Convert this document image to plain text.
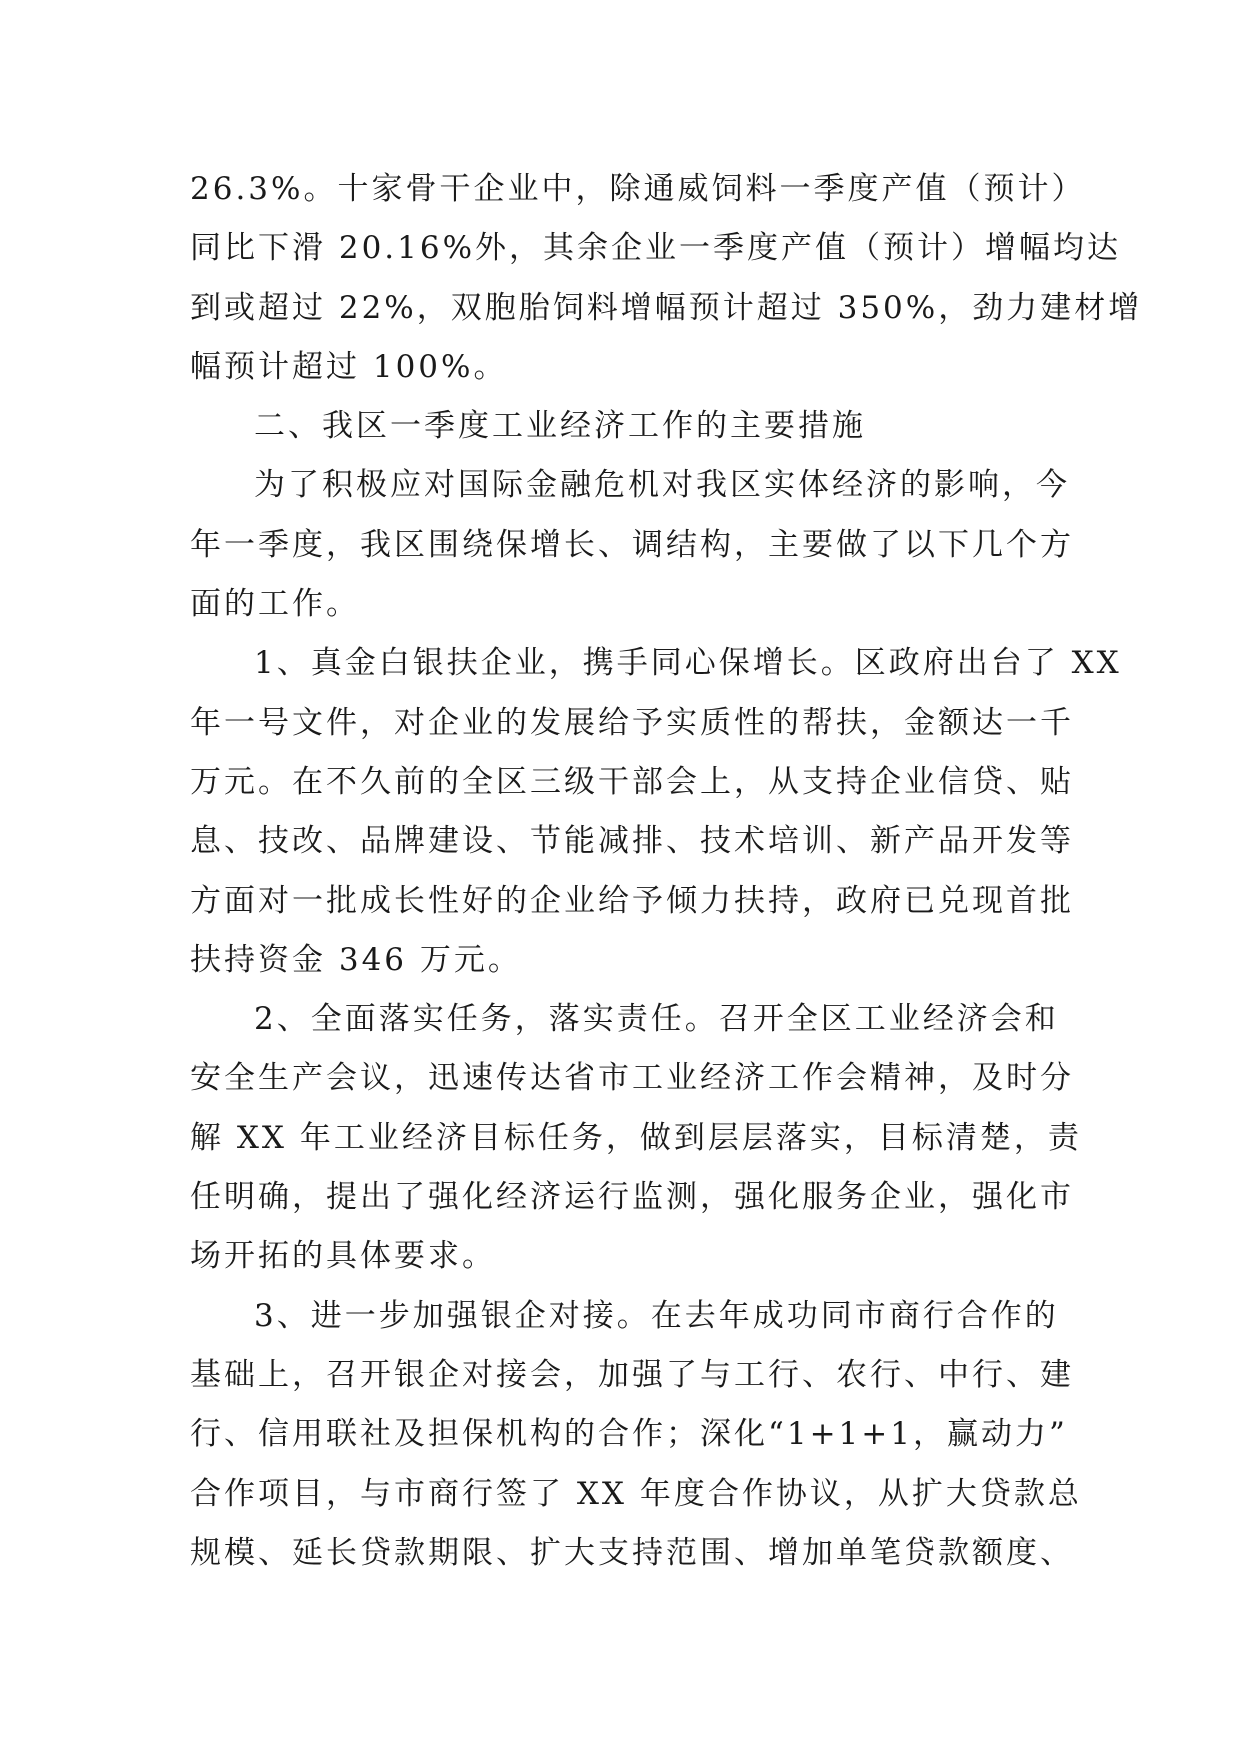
26.3%。十家骨干企业中，除通威饲料一季度产值（预计）
同比下滑 20.16%外，其余企业一季度产值（预计）增幅均达
到或超过 22%，双胞胎饲料增幅预计超过 350%，劲力建材增
幅预计超过 100%。
二、我区一季度工业经济工作的主要措施
为了积极应对国际金融危机对我区实体经济的影响，今
年一季度，我区围绕保增长、调结构，主要做了以下几个方
面的工作。
1、真金白银扶企业，携手同心保增长。区政府出台了 XX
年一号文件，对企业的发展给予实质性的帮扶，金额达一千
万元。在不久前的全区三级干部会上，从支持企业信贷、贴
息、技改、品牌建设、节能减排、技术培训、新产品开发等
方面对一批成长性好的企业给予倾力扶持，政府已兑现首批
扶持资金 346 万元。
2、全面落实任务，落实责任。召开全区工业经济会和
安全生产会议，迅速传达省市工业经济工作会精神，及时分
解 XX 年工业经济目标任务，做到层层落实，目标清楚，责
任明确，提出了强化经济运行监测，强化服务企业，强化市
场开拓的具体要求。
3、进一步加强银企对接。在去年成功同市商行合作的
基础上，召开银企对接会，加强了与工行、农行、中行、建
行、信用联社及担保机构的合作；深化“1+1+1，赢动力”
合作项目，与市商行签了 XX 年度合作协议，从扩大贷款总
规模、延长贷款期限、扩大支持范围、增加单笔贷款额度、
